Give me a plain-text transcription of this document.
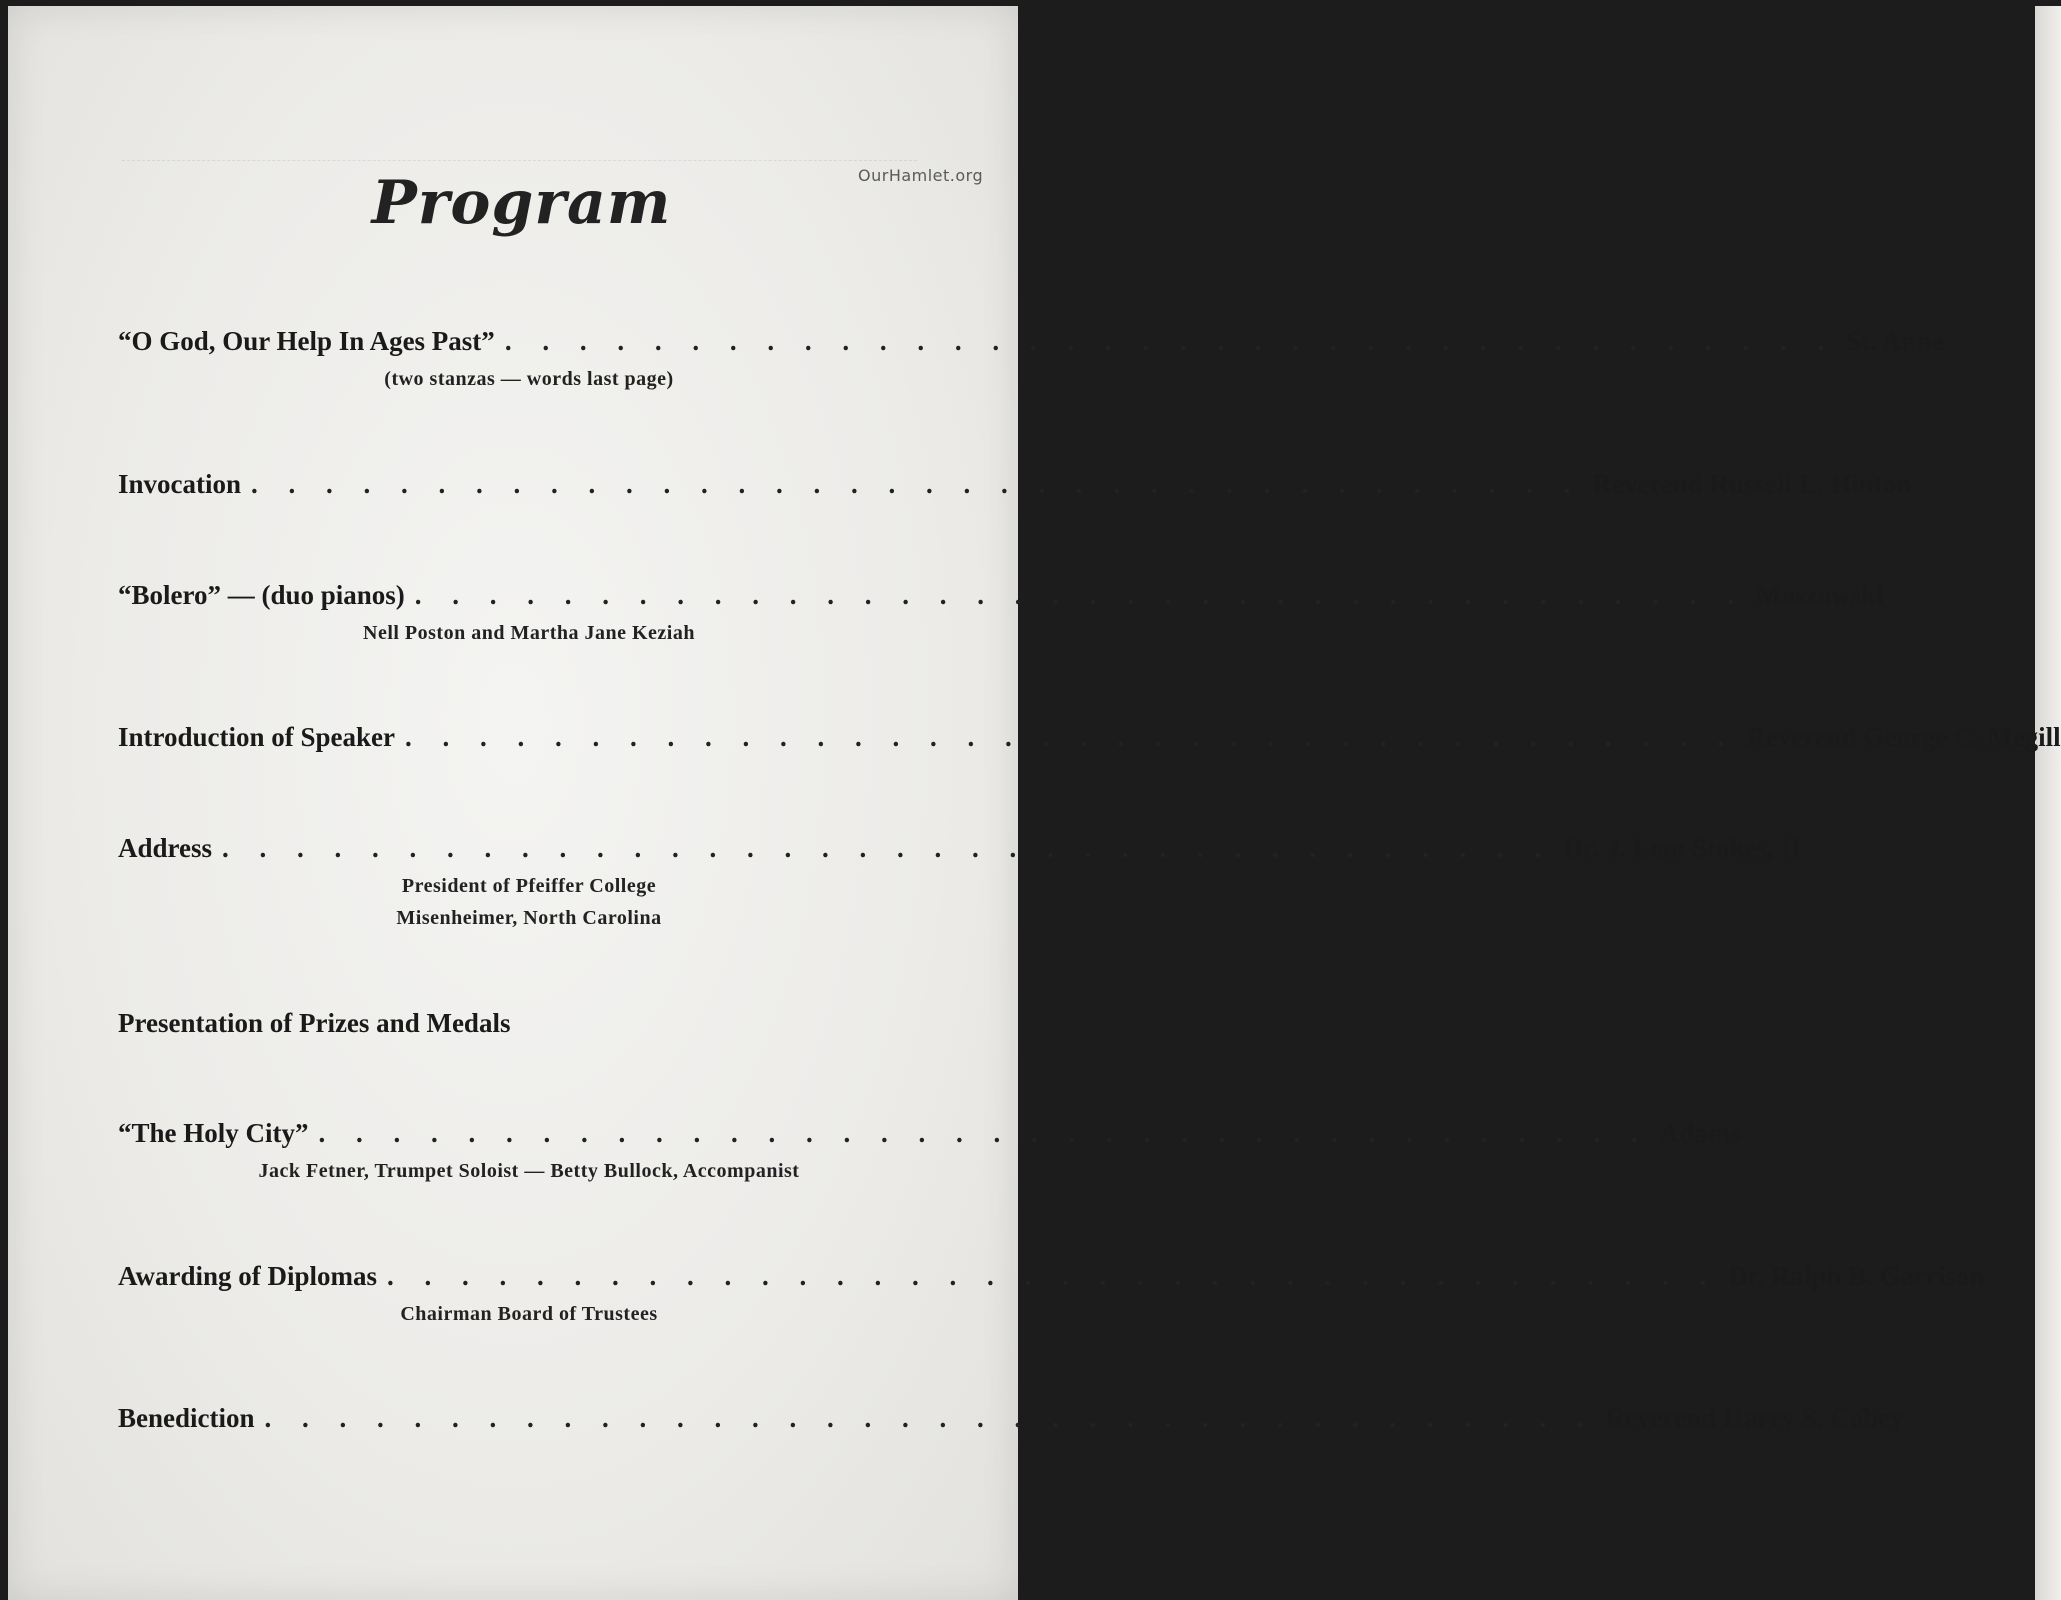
OurHamlet.org
Program
“O God, Our Help In Ages Past” . . . . . . . . . . . . . . . . . . . . . . . . . . . . . . . . . . . . St. Anne
(two stanzas — words last page)
Invocation . . . . . . . . . . . . . . . . . . . . . . . . . . . . . . . . . . . . Reverend Russell L. Hinton
“Bolero” — (duo pianos) . . . . . . . . . . . . . . . . . . . . . . . . . . . . . . . . . . . . Moszowski
Nell Poston and Martha Jane Keziah
Introduction of Speaker . . . . . . . . . . . . . . . . . . . . . . . . . . . . . . . . . . . . Reverend George C. Megill
Address . . . . . . . . . . . . . . . . . . . . . . . . . . . . . . . . . . . . Dr. J. Lem Stokes, II
President of Pfeiffer College
Misenheimer, North Carolina
Presentation of Prizes and Medals
“The Holy City” . . . . . . . . . . . . . . . . . . . . . . . . . . . . . . . . . . . . Adams
Jack Fetner, Trumpet Soloist — Betty Bullock, Accompanist
Awarding of Diplomas . . . . . . . . . . . . . . . . . . . . . . . . . . . . . . . . . . . . Dr. Ralph B. Garrison
Chairman Board of Trustees
Benediction . . . . . . . . . . . . . . . . . . . . . . . . . . . . . . . . . . . . Reverend Harry S. Cobey
